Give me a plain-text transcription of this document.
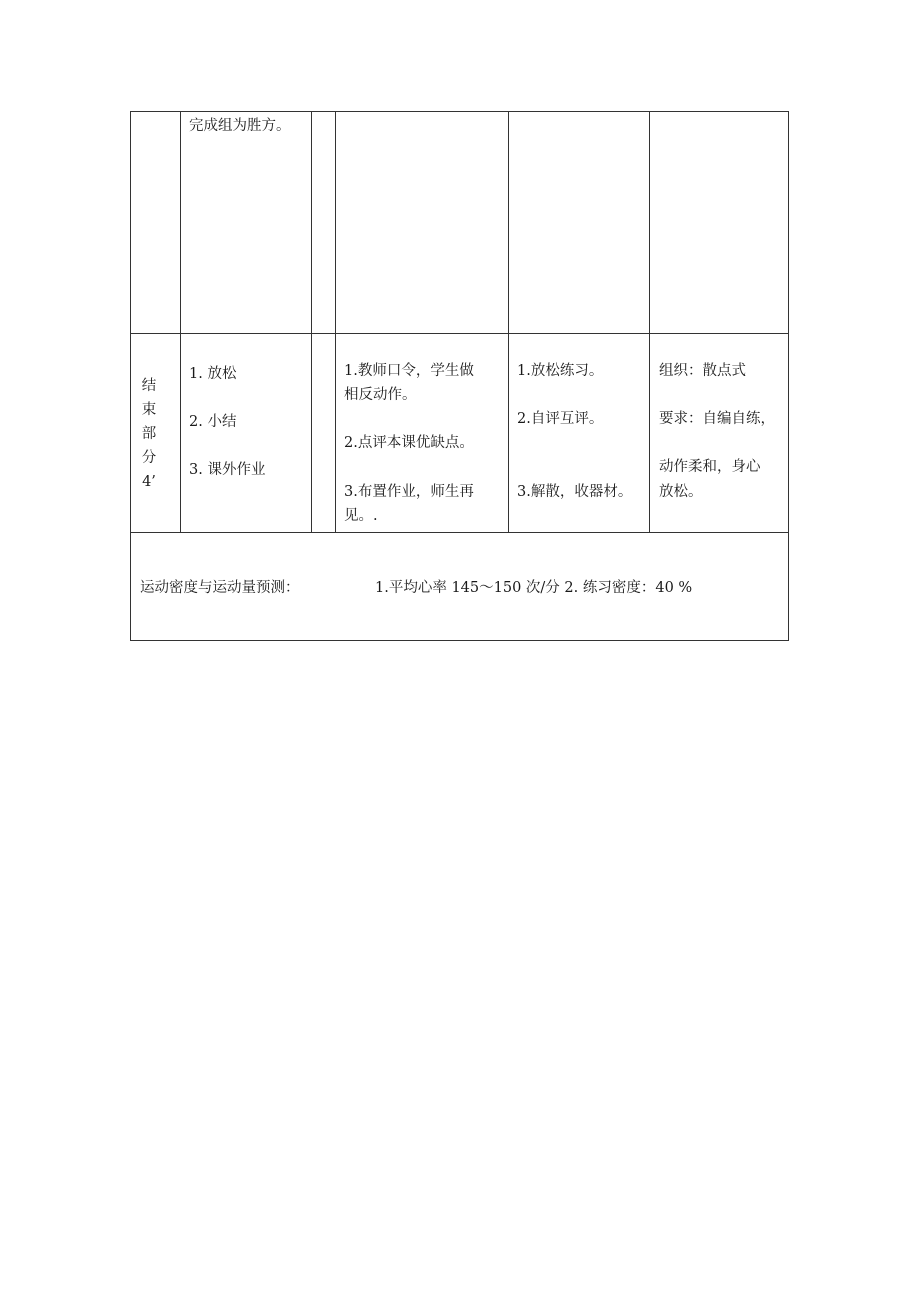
完成组为胜方。
结
束
部
分
4’
1. 放松
2. 小结
3. 课外作业
1.教师口令，学生做
相反动作。
2.点评本课优缺点。
3.布置作业，师生再
见。.
1.放松练习。
2.自评互评。
3.解散，收器材。
组织：散点式
要求：自编自练，
动作柔和，身心
放松。
运动密度与运动量预测：	1.平均心率 145～150 次/分 2. 练习密度：40 %
